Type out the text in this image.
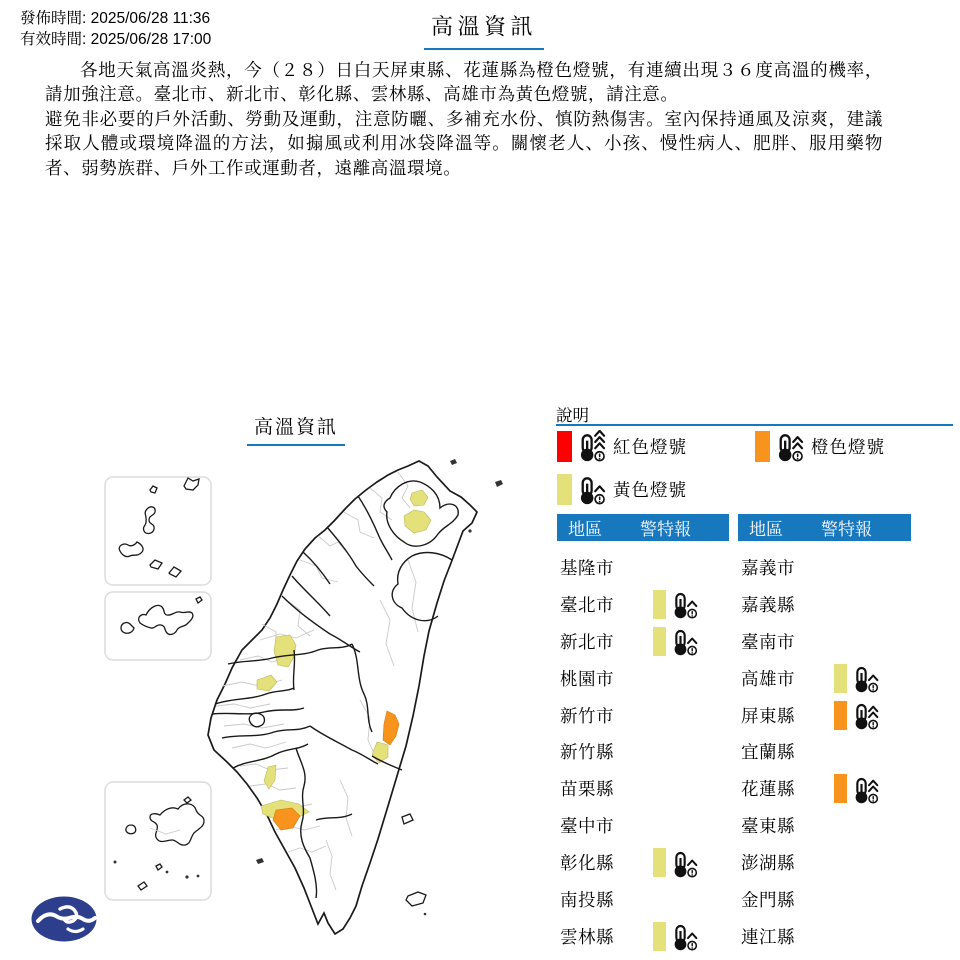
發佈時間: 2025/06/28 11:36
有效時間: 2025/06/28 17:00
高溫資訊

各地天氣高溫炎熱，今（２８）日白天屏東縣、花蓮縣為橙色燈號，有連續出現３６度高溫的機率，請加強注意。臺北市、新北市、彰化縣、雲林縣、高雄市為黃色燈號，請注意。

避免非必要的戶外活動、勞動及運動，注意防曬、多補充水份、慎防熱傷害。室內保持通風及涼爽，建議採取人體或環境降溫的方法，如搧風或利用冰袋降溫等。關懷老人、小孩、慢性病人、肥胖、服用藥物者、弱勢族群、戶外工作或運動者，遠離高溫環境。

高溫資訊
說明
紅色燈號	橙色燈號
黃色燈號
地區	警特報
基隆市
臺北市
新北市
桃園市
新竹市
新竹縣
苗栗縣
臺中市
彰化縣
南投縣
雲林縣
地區	警特報
嘉義市
嘉義縣
臺南市
高雄市
屏東縣
宜蘭縣
花蓮縣
臺東縣
澎湖縣
金門縣
連江縣
